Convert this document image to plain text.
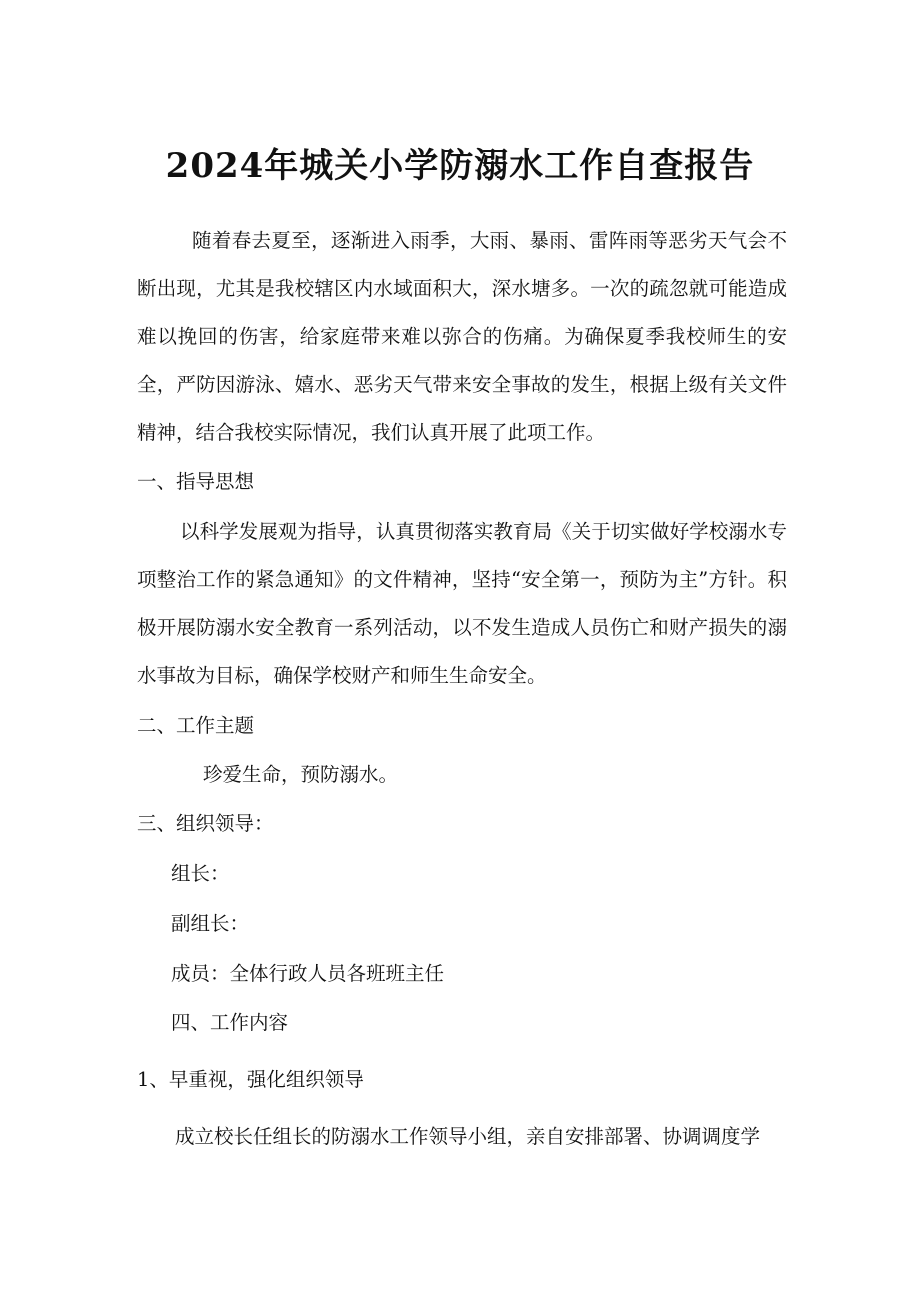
2024年城关小学防溺水工作自查报告

随着春去夏至，逐渐进入雨季，大雨、暴雨、雷阵雨等恶劣天气会不断出现，尤其是我校辖区内水域面积大，深水塘多。一次的疏忽就可能造成难以挽回的伤害，给家庭带来难以弥合的伤痛。为确保夏季我校师生的安全，严防因游泳、嬉水、恶劣天气带来安全事故的发生，根据上级有关文件精神，结合我校实际情况，我们认真开展了此项工作。

一、指导思想

以科学发展观为指导，认真贯彻落实教育局《关于切实做好学校溺水专项整治工作的紧急通知》的文件精神，坚持“安全第一，预防为主”方针。积极开展防溺水安全教育一系列活动，以不发生造成人员伤亡和财产损失的溺水事故为目标，确保学校财产和师生生命安全。

二、工作主题

珍爱生命，预防溺水。

三、组织领导：

组长：

副组长：

成员：全体行政人员各班班主任

四、工作内容

1、早重视，强化组织领导

成立校长任组长的防溺水工作领导小组，亲自安排部署、协调调度学
